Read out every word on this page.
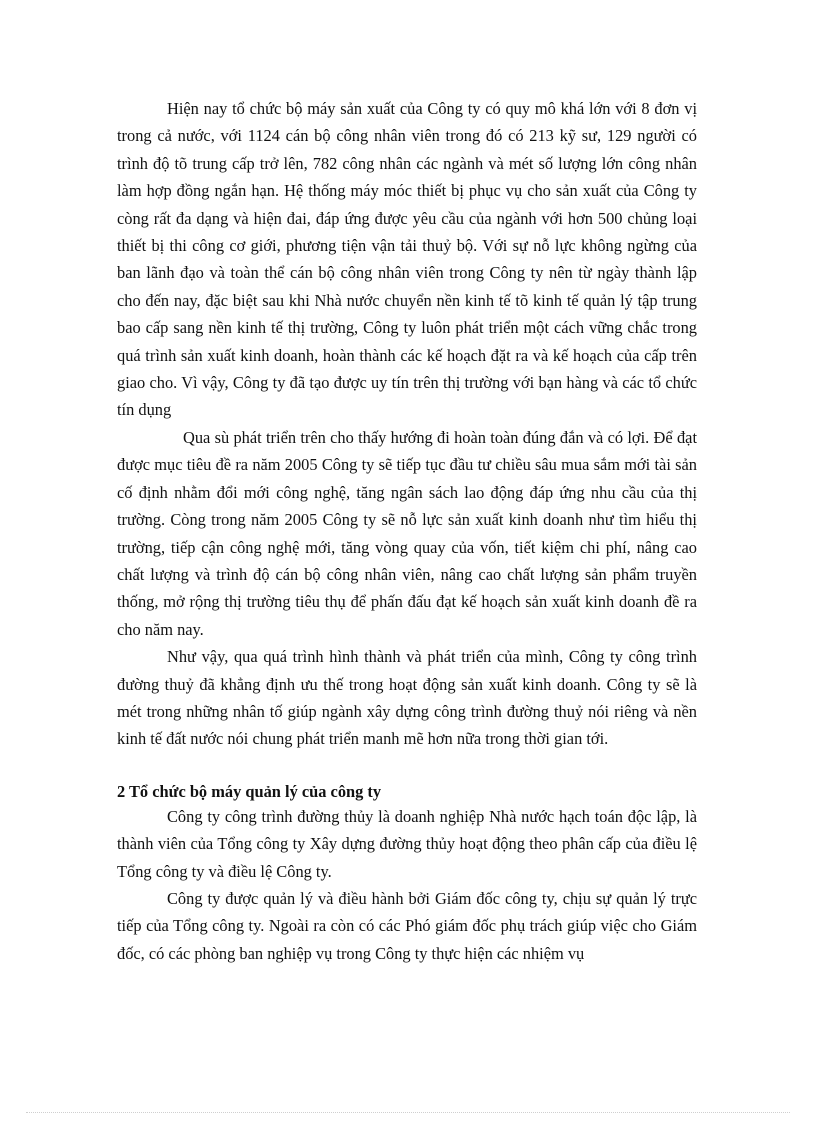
Hiện nay tổ chức bộ máy sản xuất của Công ty có quy mô khá lớn với 8 đơn vị trong cả nước, với 1124 cán bộ công nhân viên trong đó có 213 kỹ sư, 129 người có trình độ tõ trung cấp trở lên, 782 công nhân các ngành và mét số lượng lớn công nhân làm hợp đồng ngắn hạn. Hệ thống máy móc thiết bị phục vụ cho sản xuất của Công ty còng rất đa dạng và hiện đai, đáp ứng được yêu cầu của ngành với hơn 500 chủng loại thiết bị thi công cơ giới, phương tiện vận tải thuỷ bộ. Với sự nỗ lực không ngừng của ban lãnh đạo và toàn thể cán bộ công nhân viên trong Công ty nên từ ngày thành lập cho đến nay, đặc biệt sau khi Nhà nước chuyển nền kinh tế tõ kinh tế quản lý tập trung bao cấp sang nền kinh tế thị trường, Công ty luôn phát triển một cách vững chắc trong quá trình sản xuất kinh doanh, hoàn thành các kế hoạch đặt ra và kế hoạch của cấp trên giao cho. Vì vậy, Công ty đã tạo được uy tín trên thị trường với bạn hàng và các tổ chức tín dụng

Qua sù phát triển trên cho thấy hướng đi hoàn toàn đúng đắn và có lợi. Để đạt được mục tiêu đề ra năm 2005 Công ty sẽ tiếp tục đầu tư chiều sâu mua sắm mới tài sản cố định nhằm đổi mới công nghệ, tăng ngân sách lao động đáp ứng nhu cầu của thị trường. Còng trong năm 2005 Công ty sẽ nỗ lực sản xuất kinh doanh như tìm hiểu thị trường, tiếp cận công nghệ mới, tăng vòng quay của vốn, tiết kiệm chi phí, nâng cao chất lượng và trình độ cán bộ công nhân viên, nâng cao chất lượng sản phẩm truyền thống, mở rộng thị trường tiêu thụ để phấn đấu đạt kế hoạch sản xuất kinh doanh đề ra cho năm nay.

Như vậy, qua quá trình hình thành và phát triển của mình, Công ty công trình đường thuỷ đã khẳng định ưu thế trong hoạt động sản xuất kinh doanh. Công ty sẽ là mét trong những nhân tố giúp ngành xây dựng công trình đường thuỷ nói riêng và nền kinh tế đất nước nói chung phát triển manh mẽ hơn nữa trong thời gian tới.

2 Tổ chức bộ máy quản lý của công ty

Công ty công trình đường thủy là doanh nghiệp Nhà nước hạch toán độc lập, là thành viên của Tổng công ty Xây dựng đường thủy hoạt động theo phân cấp của điều lệ Tổng công ty và điều lệ Công ty.

Công ty được quản lý và điều hành bởi Giám đốc công ty, chịu sự quản lý trực tiếp của Tổng công ty. Ngoài ra còn có các Phó giám đốc phụ trách giúp việc cho Giám đốc, có các phòng ban nghiệp vụ trong Công ty thực hiện các nhiệm vụ
